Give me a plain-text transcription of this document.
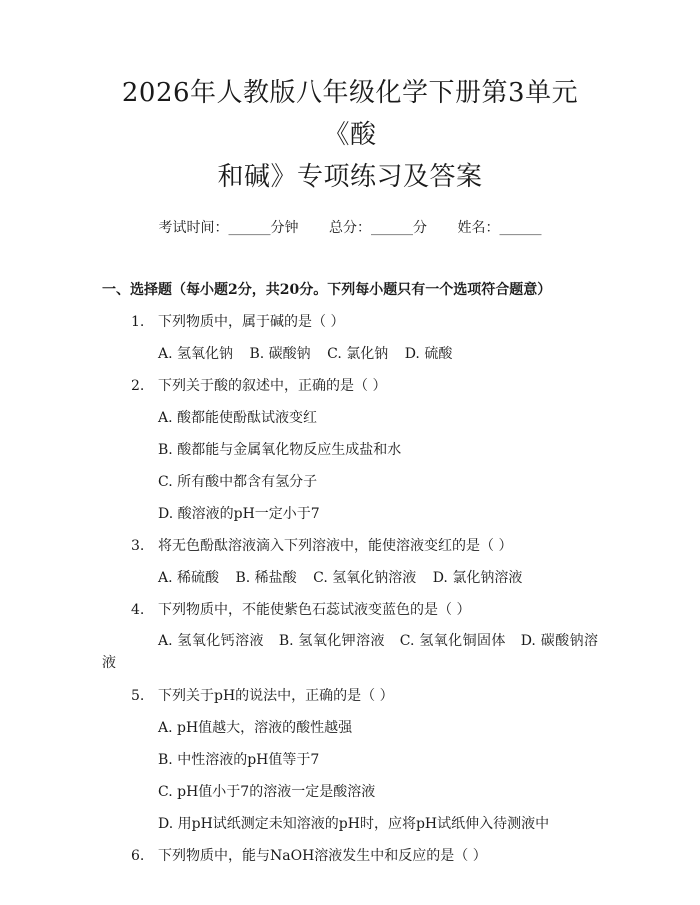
2026年人教版八年级化学下册第3单元《酸
和碱》专项练习及答案
考试时间：______分钟 总分：______分 姓名：______
一、选择题（每小题2分，共20分。下列每小题只有一个选项符合题意）
1. 下列物质中，属于碱的是（ ）
A. 氢氧化钠 B. 碳酸钠 C. 氯化钠 D. 硫酸
2. 下列关于酸的叙述中，正确的是（ ）
A. 酸都能使酚酞试液变红
B. 酸都能与金属氧化物反应生成盐和水
C. 所有酸中都含有氢分子
D. 酸溶液的pH一定小于7
3. 将无色酚酞溶液滴入下列溶液中，能使溶液变红的是（ ）
A. 稀硫酸 B. 稀盐酸 C. 氢氧化钠溶液 D. 氯化钠溶液
4. 下列物质中，不能使紫色石蕊试液变蓝色的是（ ）
A. 氢氧化钙溶液 B. 氢氧化钾溶液 C. 氢氧化铜固体 D. 碳酸钠溶液
5. 下列关于pH的说法中，正确的是（ ）
A. pH值越大，溶液的酸性越强
B. 中性溶液的pH值等于7
C. pH值小于7的溶液一定是酸溶液
D. 用pH试纸测定未知溶液的pH时，应将pH试纸伸入待测液中
6. 下列物质中，能与NaOH溶液发生中和反应的是（ ）
